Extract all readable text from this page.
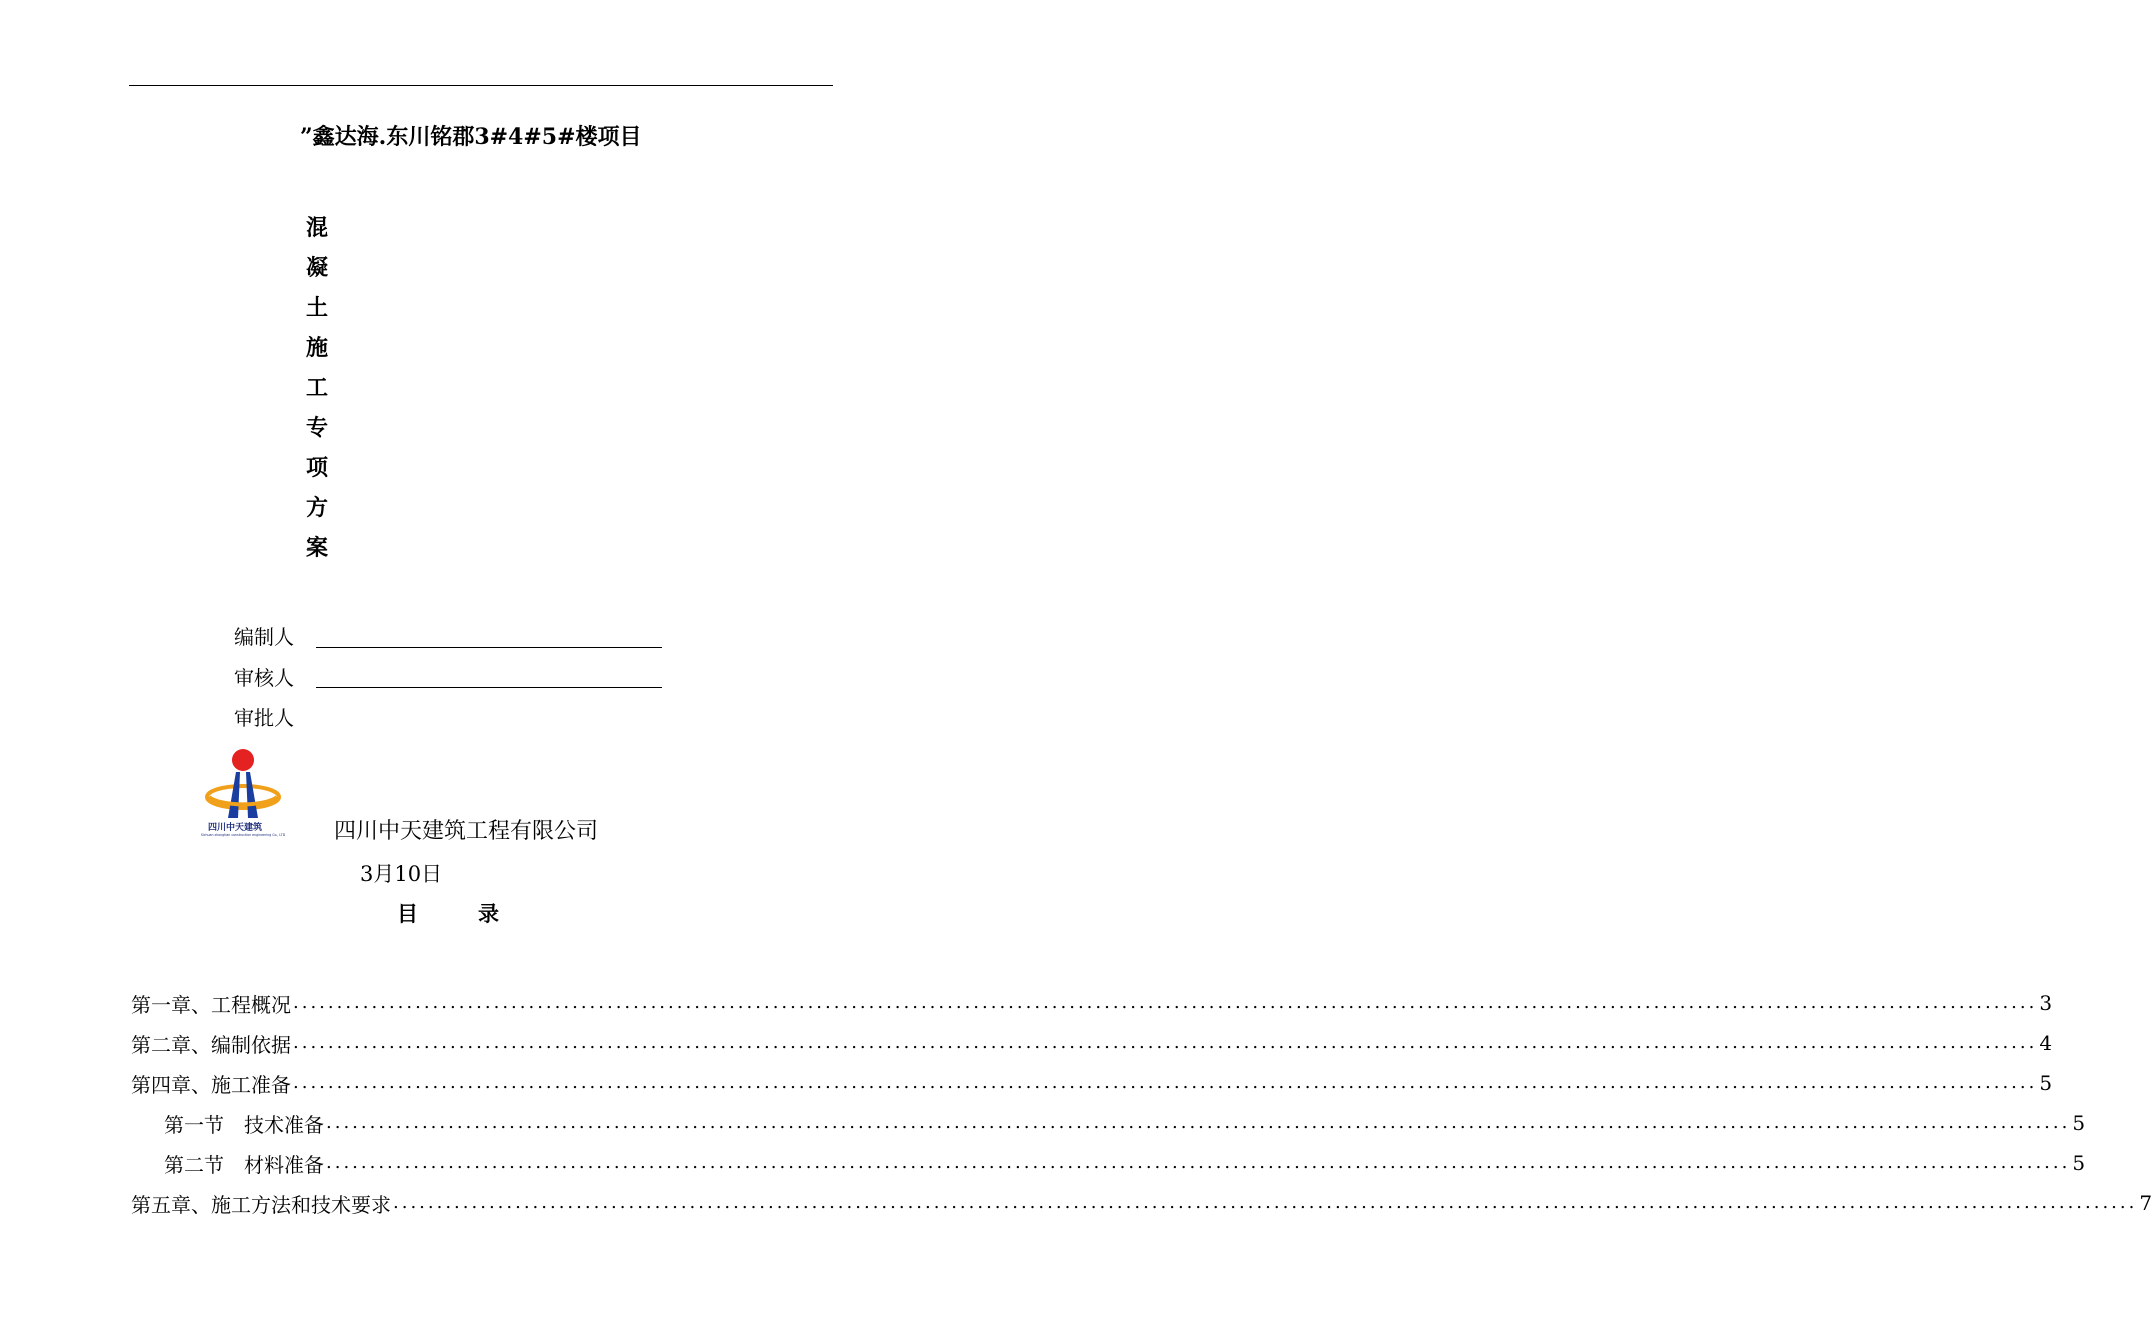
”鑫达海.东川铭郡3#4#5#楼项目
混
凝
土
施
工
专
项
方
案
编制人
审核人
审批人
四川中天建筑
Sichuan zhongtian construction engineering Co., LTD 四川中天建筑工程有限公司
3月10日
目	录
第一章、工程概况 ........................................................................................................................................................................................................ 3
第二章、编制依据 ........................................................................................................................................................................................................ 4
第四章、施工准备 ........................................................................................................................................................................................................ 5
第一节　技术准备 ........................................................................................................................................................................................................ 5
第二节　材料准备 ........................................................................................................................................................................................................ 5
第五章、施工方法和技术要求 ........................................................................................................................................................................................................ 7
